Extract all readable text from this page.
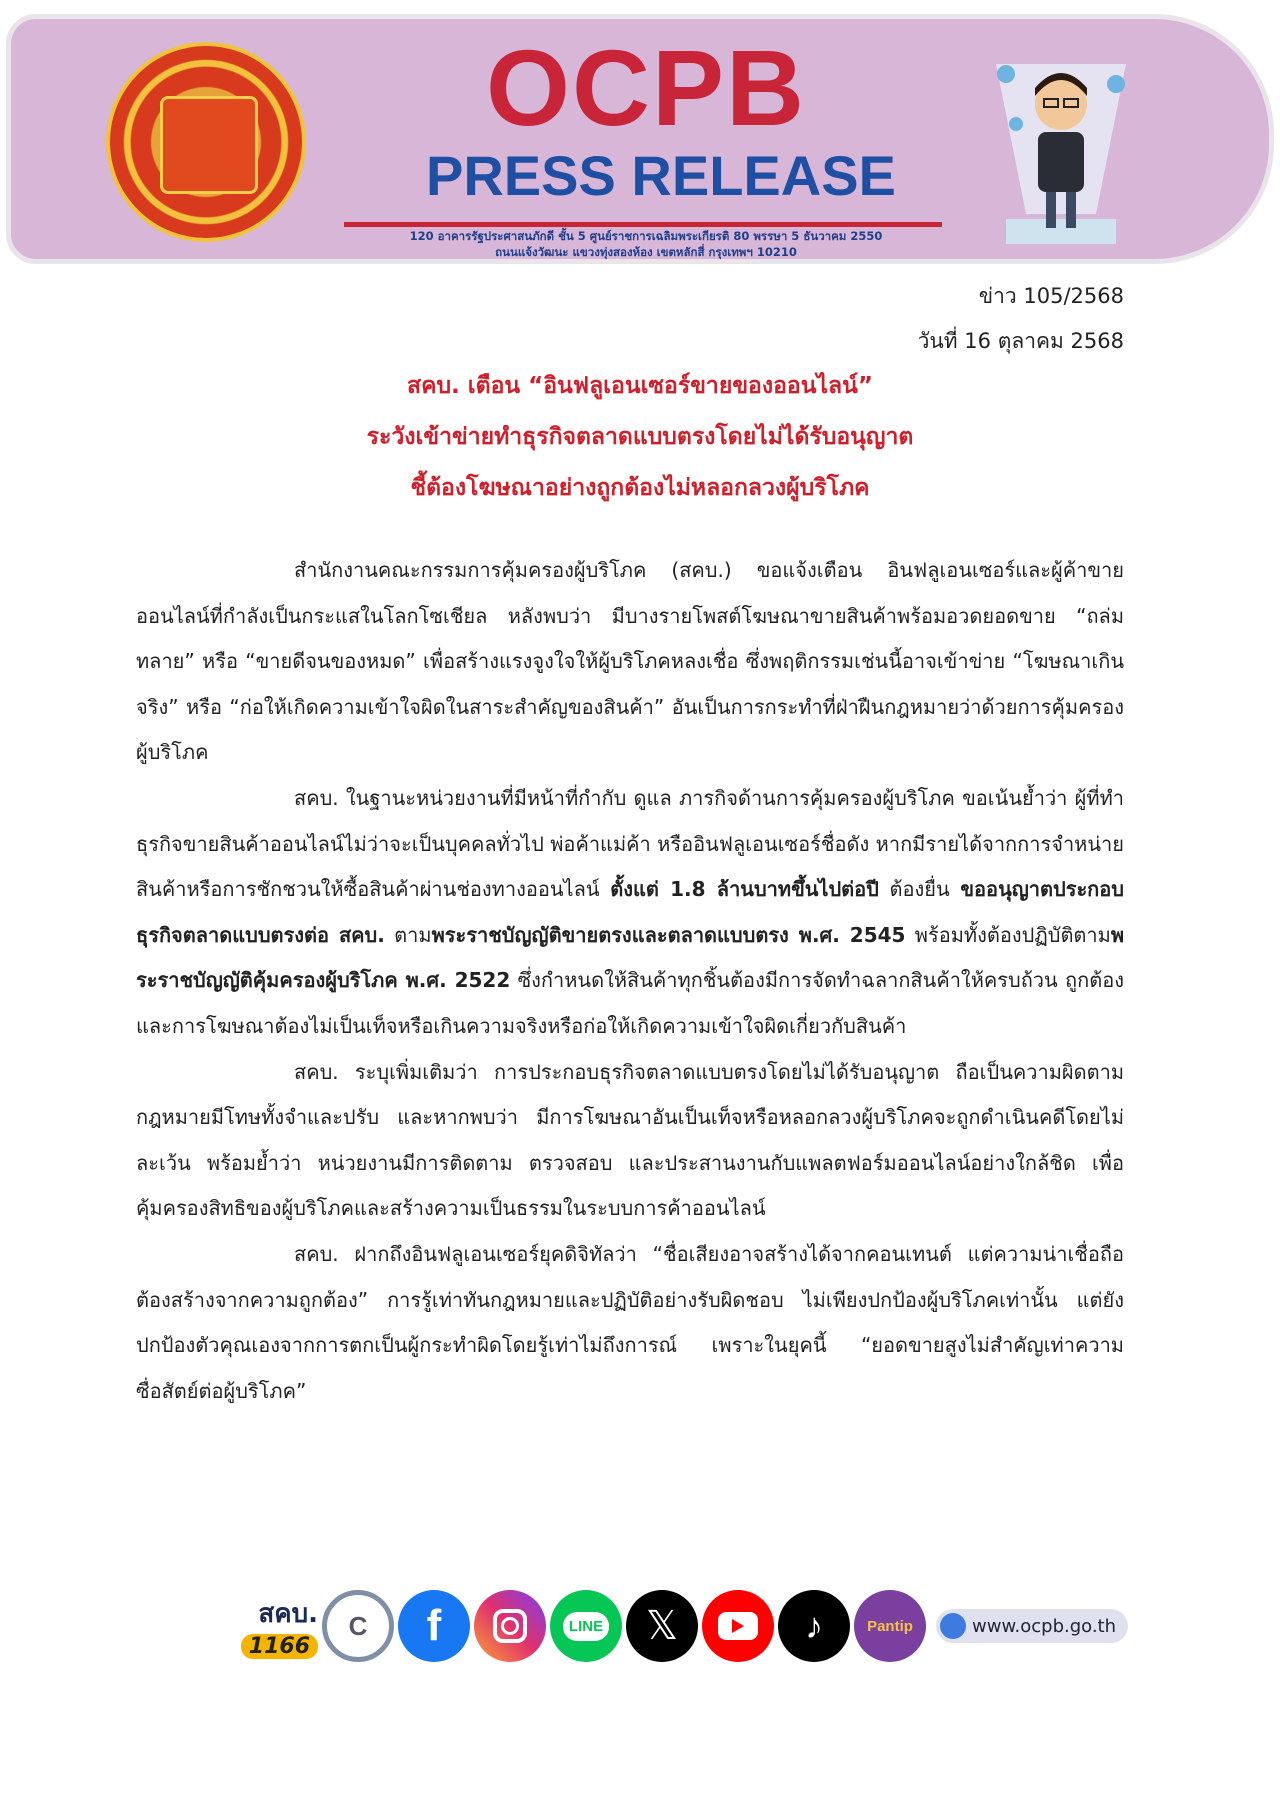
OCPB
PRESS RELEASE
120 อาคารรัฐประศาสนภักดี ชั้น 5 ศูนย์ราชการเฉลิมพระเกียรติ 80 พรรษา 5 ธันวาคม 2550
ถนนแจ้งวัฒนะ แขวงทุ่งสองห้อง เขตหลักสี่ กรุงเทพฯ 10210
ข่าว 105/2568
วันที่ 16 ตุลาคม 2568
สคบ. เตือน “อินฟลูเอนเซอร์ขายของออนไลน์”
ระวังเข้าข่ายทำธุรกิจตลาดแบบตรงโดยไม่ได้รับอนุญาต
ชี้ต้องโฆษณาอย่างถูกต้องไม่หลอกลวงผู้บริโภค

สำนักงานคณะกรรมการคุ้มครองผู้บริโภค (สคบ.) ขอแจ้งเตือน อินฟลูเอนเซอร์และผู้ค้าขายออนไลน์ที่กำลังเป็นกระแสในโลกโซเชียล หลังพบว่า มีบางรายโพสต์โฆษณาขายสินค้าพร้อมอวดยอดขาย “ถล่มทลาย” หรือ “ขายดีจนของหมด” เพื่อสร้างแรงจูงใจให้ผู้บริโภคหลงเชื่อ ซึ่งพฤติกรรมเช่นนี้อาจเข้าข่าย “โฆษณาเกินจริง” หรือ “ก่อให้เกิดความเข้าใจผิดในสาระสำคัญของสินค้า” อันเป็นการกระทำที่ฝ่าฝืนกฎหมายว่าด้วยการคุ้มครองผู้บริโภค

สคบ. ในฐานะหน่วยงานที่มีหน้าที่กำกับ ดูแล ภารกิจด้านการคุ้มครองผู้บริโภค ขอเน้นย้ำว่า ผู้ที่ทำธุรกิจขายสินค้าออนไลน์ไม่ว่าจะเป็นบุคคลทั่วไป พ่อค้าแม่ค้า หรืออินฟลูเอนเซอร์ชื่อดัง หากมีรายได้จากการจำหน่ายสินค้าหรือการชักชวนให้ซื้อสินค้าผ่านช่องทางออนไลน์ ตั้งแต่ 1.8 ล้านบาทขึ้นไปต่อปี ต้องยื่น ขออนุญาตประกอบธุรกิจตลาดแบบตรงต่อ สคบ. ตามพระราชบัญญัติขายตรงและตลาดแบบตรง พ.ศ. 2545 พร้อมทั้งต้องปฏิบัติตามพระราชบัญญัติคุ้มครองผู้บริโภค พ.ศ. 2522 ซึ่งกำหนดให้สินค้าทุกชิ้นต้องมีการจัดทำฉลากสินค้าให้ครบถ้วน ถูกต้อง และการโฆษณาต้องไม่เป็นเท็จหรือเกินความจริงหรือก่อให้เกิดความเข้าใจผิดเกี่ยวกับสินค้า

สคบ. ระบุเพิ่มเติมว่า การประกอบธุรกิจตลาดแบบตรงโดยไม่ได้รับอนุญาต ถือเป็นความผิดตามกฎหมายมีโทษทั้งจำและปรับ และหากพบว่า มีการโฆษณาอันเป็นเท็จหรือหลอกลวงผู้บริโภคจะถูกดำเนินคดีโดยไม่ละเว้น พร้อมย้ำว่า หน่วยงานมีการติดตาม ตรวจสอบ และประสานงานกับแพลตฟอร์มออนไลน์อย่างใกล้ชิด เพื่อคุ้มครองสิทธิของผู้บริโภคและสร้างความเป็นธรรมในระบบการค้าออนไลน์

สคบ. ฝากถึงอินฟลูเอนเซอร์ยุคดิจิทัลว่า “ชื่อเสียงอาจสร้างได้จากคอนเทนต์ แต่ความน่าเชื่อถือต้องสร้างจากความถูกต้อง” การรู้เท่าทันกฎหมายและปฏิบัติอย่างรับผิดชอบ ไม่เพียงปกป้องผู้บริโภคเท่านั้น แต่ยังปกป้องตัวคุณเองจากการตกเป็นผู้กระทำผิดโดยรู้เท่าไม่ถึงการณ์ เพราะในยุคนี้ “ยอดขายสูงไม่สำคัญเท่าความซื่อสัตย์ต่อผู้บริโภค”

สคบ.
1166
C	f	LINE	𝕏	♪	Pantip	www.ocpb.go.th
